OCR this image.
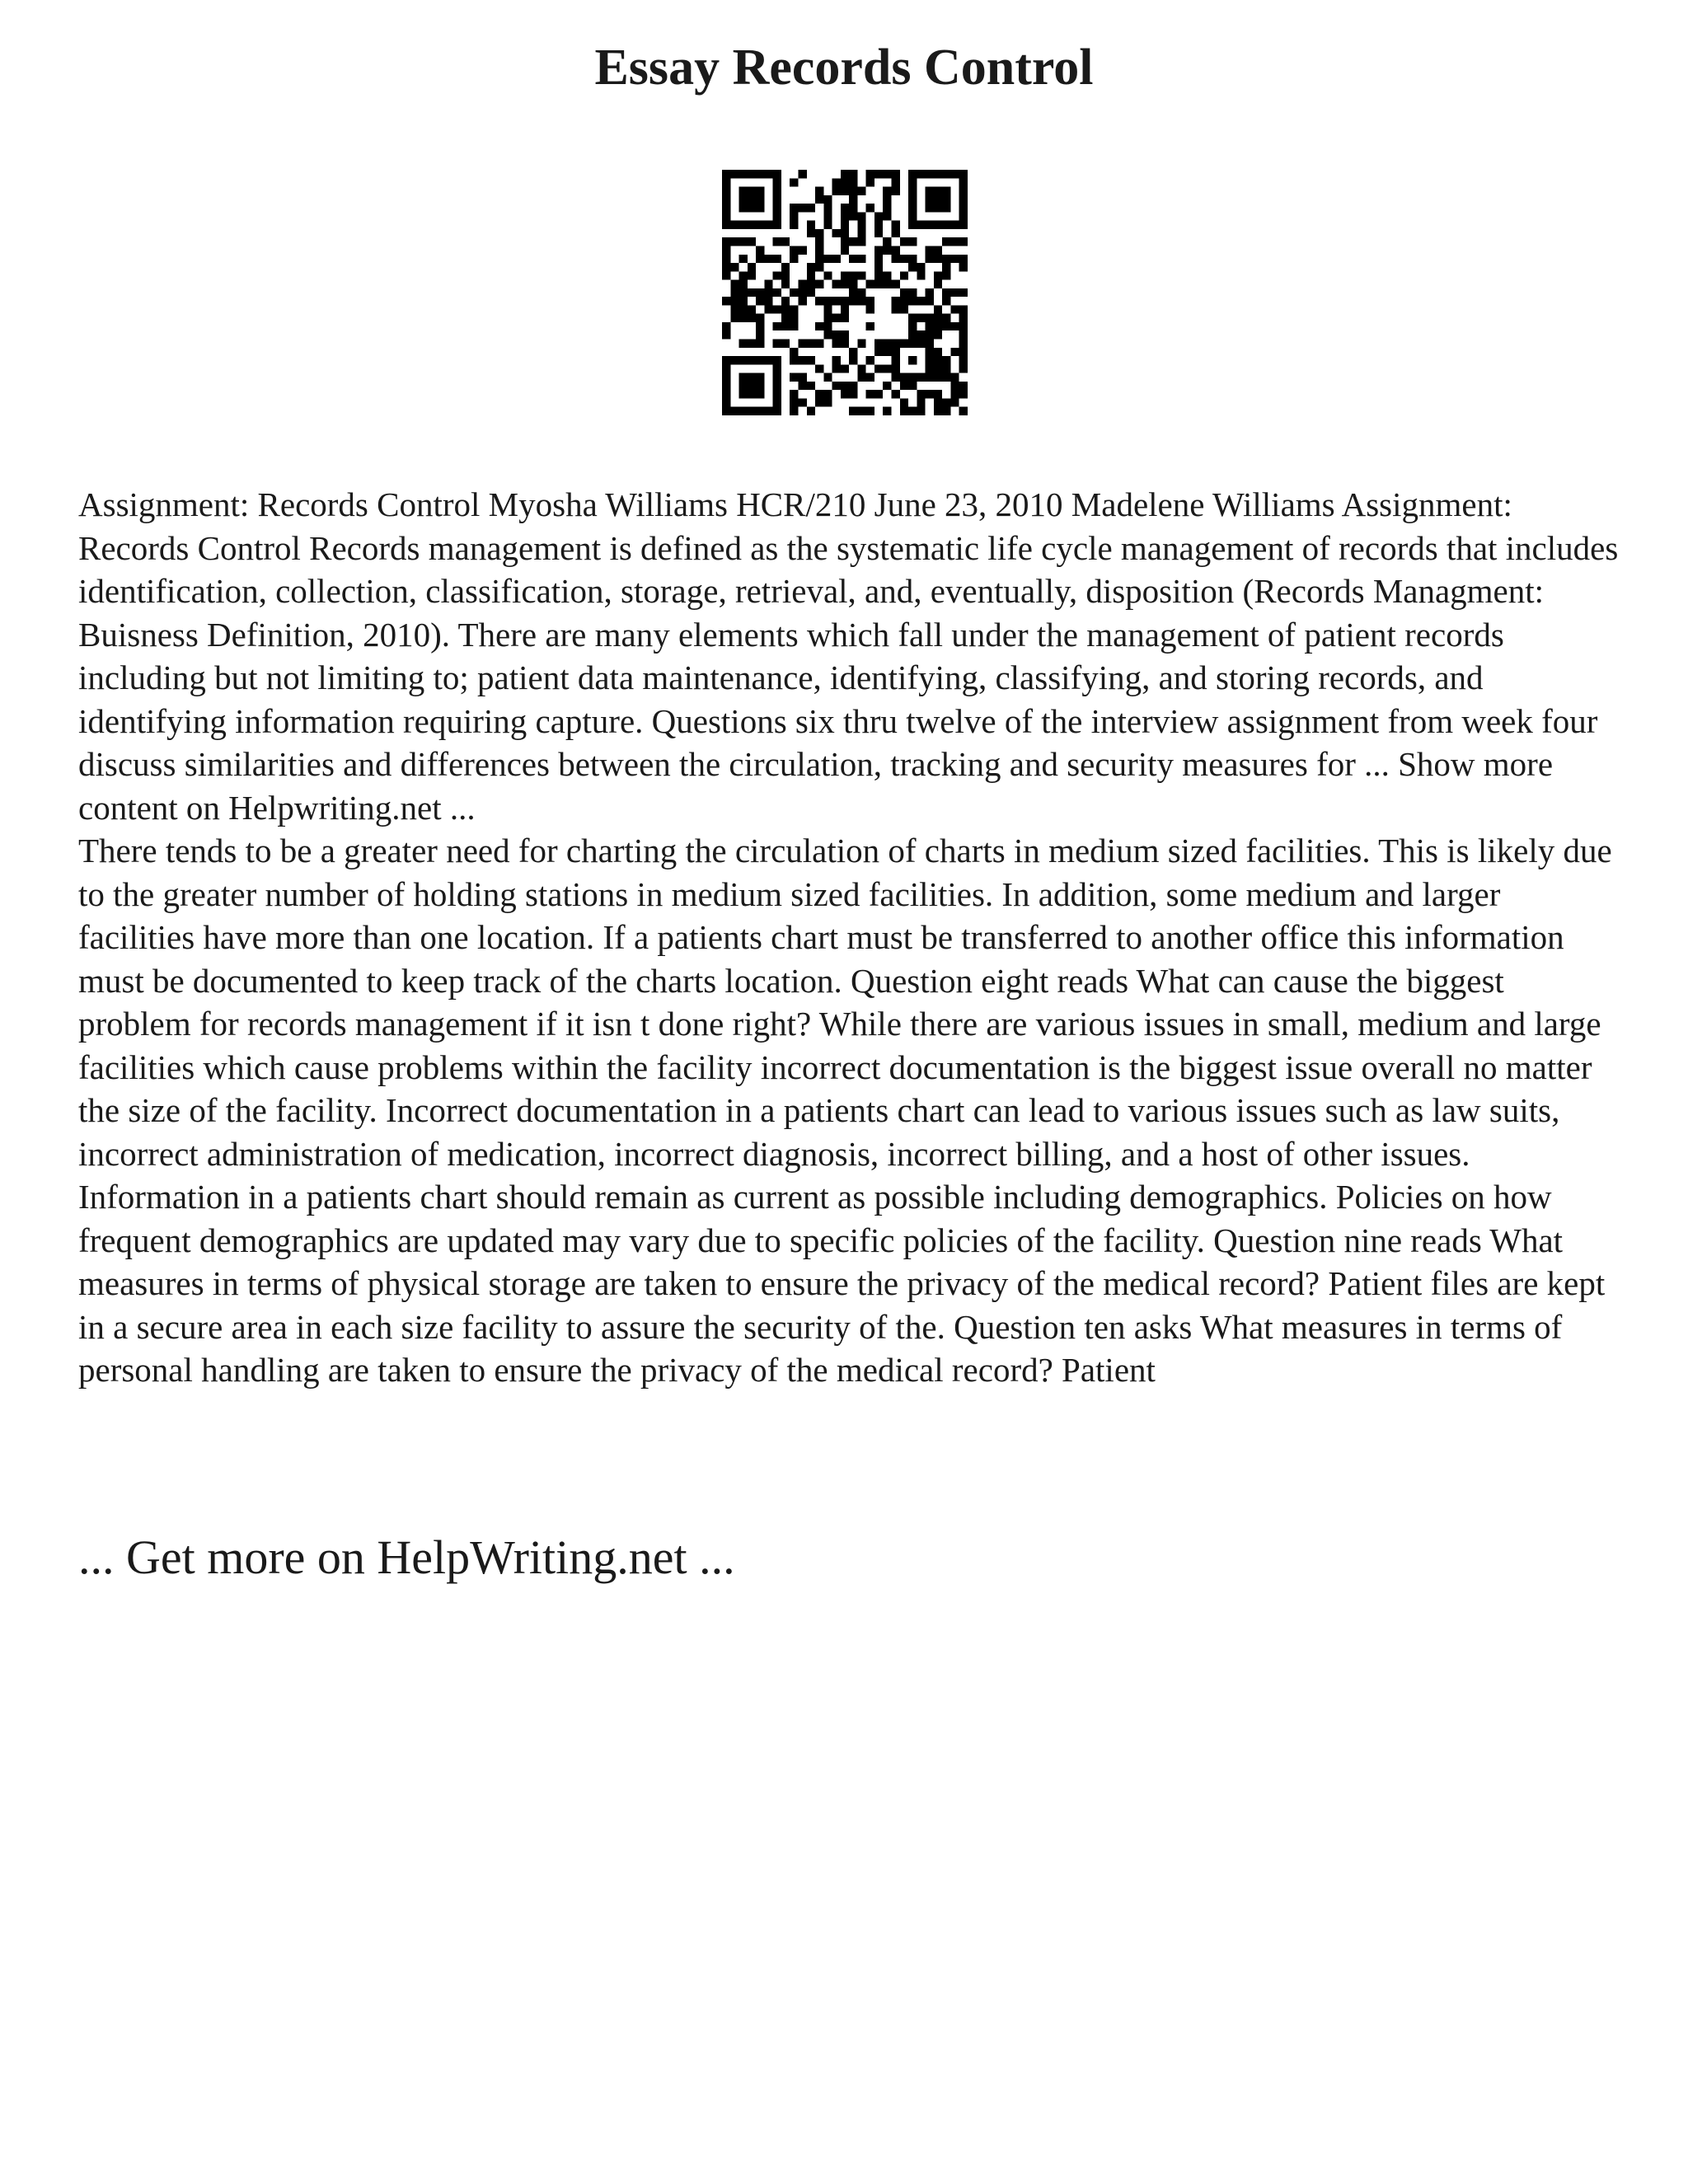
Essay Records Control

Assignment: Records Control Myosha Williams HCR/210 June 23, 2010 Madelene Williams Assignment: Records Control Records management is defined as the systematic life cycle management of records that includes identification, collection, classification, storage, retrieval, and, eventually, disposition (Records Managment: Buisness Definition, 2010). There are many elements which fall under the management of patient records including but not limiting to; patient data maintenance, identifying, classifying, and storing records, and identifying information requiring capture. Questions six thru twelve of the interview assignment from week four discuss similarities and differences between the circulation, tracking and security measures for ... Show more content on Helpwriting.net ...

There tends to be a greater need for charting the circulation of charts in medium sized facilities. This is likely due to the greater number of holding stations in medium sized facilities. In addition, some medium and larger facilities have more than one location. If a patients chart must be transferred to another office this information must be documented to keep track of the charts location. Question eight reads What can cause the biggest problem for records management if it isn t done right? While there are various issues in small, medium and large facilities which cause problems within the facility incorrect documentation is the biggest issue overall no matter the size of the facility. Incorrect documentation in a patients chart can lead to various issues such as law suits, incorrect administration of medication, incorrect diagnosis, incorrect billing, and a host of other issues. Information in a patients chart should remain as current as possible including demographics. Policies on how frequent demographics are updated may vary due to specific policies of the facility. Question nine reads What measures in terms of physical storage are taken to ensure the privacy of the medical record? Patient files are kept in a secure area in each size facility to assure the security of the. Question ten asks What measures in terms of personal handling are taken to ensure the privacy of the medical record? Patient

... Get more on HelpWriting.net ...
